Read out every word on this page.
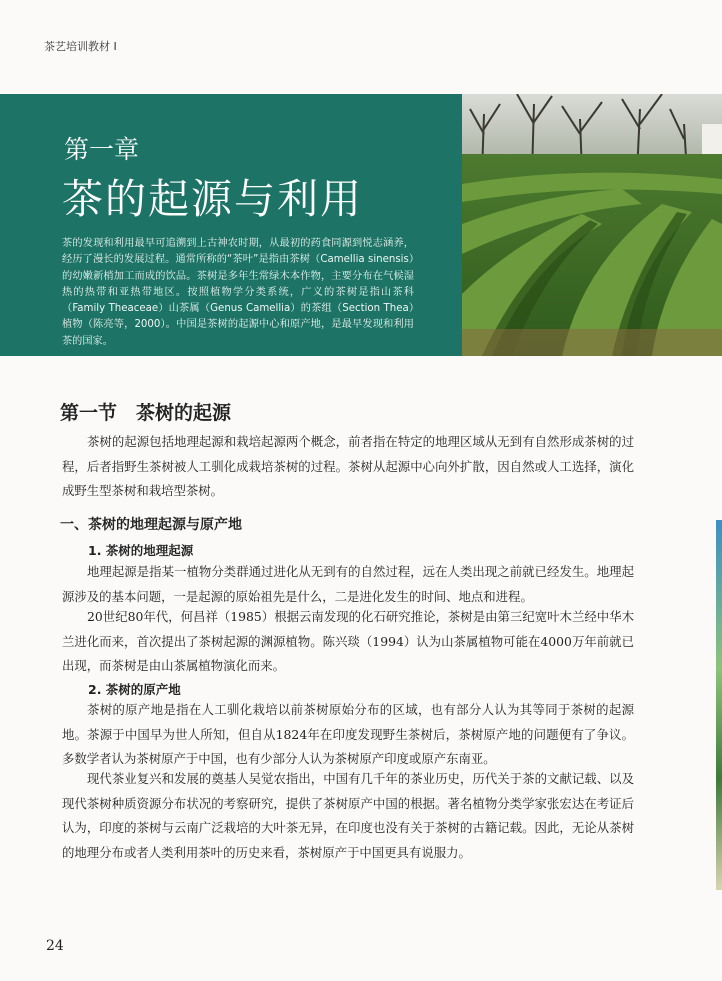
茶艺培训教材 Ⅰ
第一章
茶的起源与利用
茶的发现和利用最早可追溯到上古神农时期，从最初的药食同源到悦志涵养，经历了漫长的发展过程。通常所称的“茶叶”是指由茶树（Camellia sinensis）的幼嫩新梢加工而成的饮品。茶树是多年生常绿木本作物，主要分布在气候湿热的热带和亚热带地区。按照植物学分类系统，广义的茶树是指山茶科（Family Theaceae）山茶属（Genus Camellia）的茶组（Section Thea）植物（陈亮等，2000）。中国是茶树的起源中心和原产地，是最早发现和利用茶的国家。
第一节　茶树的起源

茶树的起源包括地理起源和栽培起源两个概念，前者指在特定的地理区域从无到有自然形成茶树的过程，后者指野生茶树被人工驯化成栽培茶树的过程。茶树从起源中心向外扩散，因自然或人工选择，演化成野生型茶树和栽培型茶树。

一、茶树的地理起源与原产地
1. 茶树的地理起源

地理起源是指某一植物分类群通过进化从无到有的自然过程，远在人类出现之前就已经发生。地理起源涉及的基本问题，一是起源的原始祖先是什么，二是进化发生的时间、地点和进程。

20世纪80年代，何昌祥（1985）根据云南发现的化石研究推论，茶树是由第三纪宽叶木兰经中华木兰进化而来，首次提出了茶树起源的渊源植物。陈兴琰（1994）认为山茶属植物可能在4000万年前就已出现，而茶树是由山茶属植物演化而来。

2. 茶树的原产地

茶树的原产地是指在人工驯化栽培以前茶树原始分布的区域，也有部分人认为其等同于茶树的起源地。茶源于中国早为世人所知，但自从1824年在印度发现野生茶树后，茶树原产地的问题便有了争议。多数学者认为茶树原产于中国，也有少部分人认为茶树原产印度或原产东南亚。

现代茶业复兴和发展的奠基人吴觉农指出，中国有几千年的茶业历史，历代关于茶的文献记载、以及现代茶树种质资源分布状况的考察研究，提供了茶树原产中国的根据。著名植物分类学家张宏达在考证后认为，印度的茶树与云南广泛栽培的大叶茶无异，在印度也没有关于茶树的古籍记载。因此，无论从茶树的地理分布或者人类利用茶叶的历史来看，茶树原产于中国更具有说服力。

24
